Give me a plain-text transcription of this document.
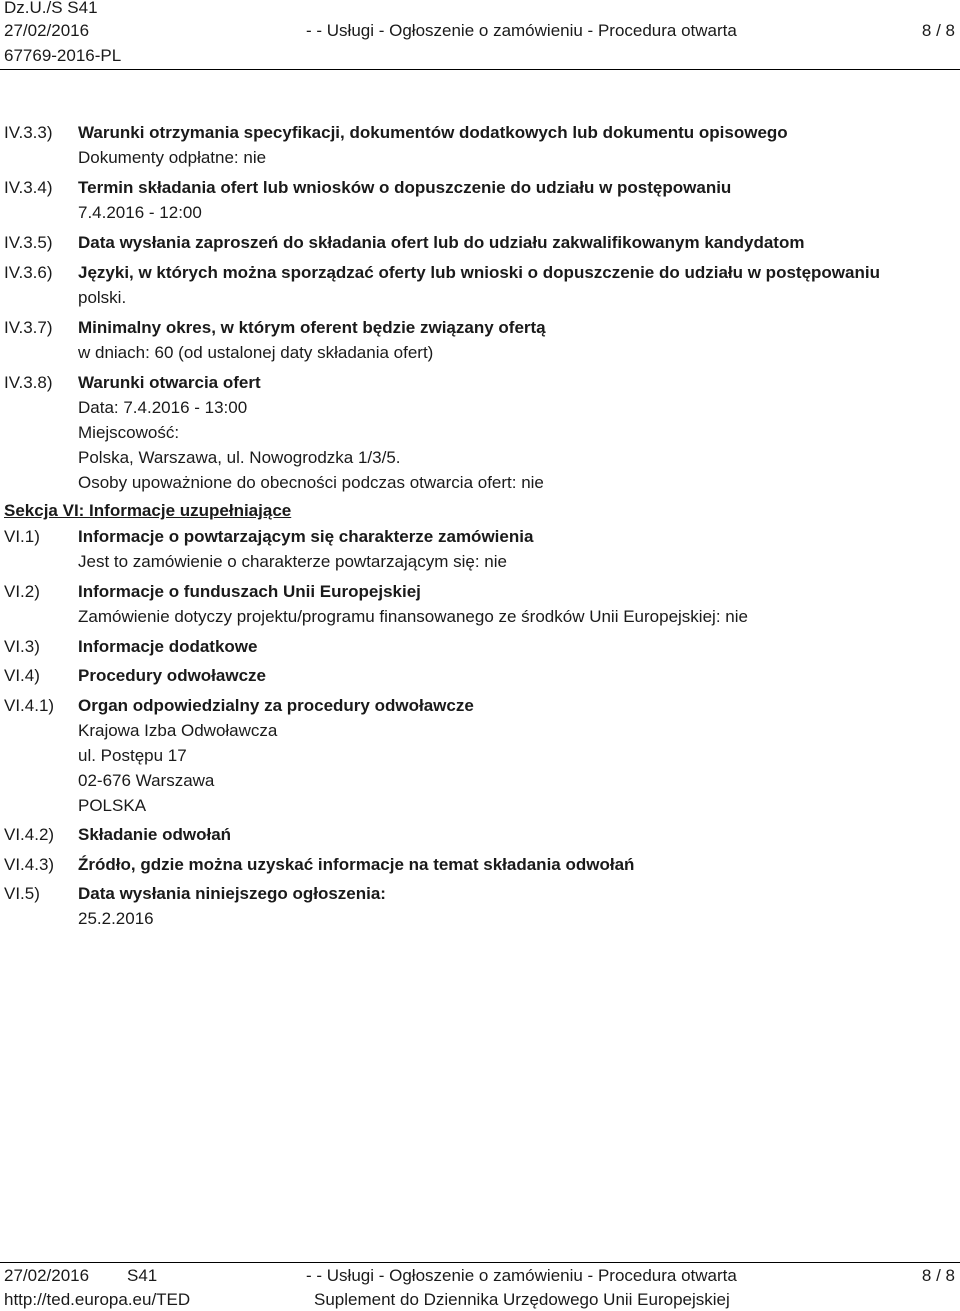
Dz.U./S S41
27/02/2016	- - Usługi - Ogłoszenie o zamówieniu - Procedura otwarta	8 / 8
67769-2016-PL
IV.3.3) Warunki otrzymania specyfikacji, dokumentów dodatkowych lub dokumentu opisowego
Dokumenty odpłatne: nie
IV.3.4) Termin składania ofert lub wniosków o dopuszczenie do udziału w postępowaniu
7.4.2016 - 12:00
IV.3.5) Data wysłania zaproszeń do składania ofert lub do udziału zakwalifikowanym kandydatom
IV.3.6) Języki, w których można sporządzać oferty lub wnioski o dopuszczenie do udziału w postępowaniu
polski.
IV.3.7) Minimalny okres, w którym oferent będzie związany ofertą
w dniach: 60 (od ustalonej daty składania ofert)
IV.3.8) Warunki otwarcia ofert
Data: 7.4.2016 - 13:00
Miejscowość:
Polska, Warszawa, ul. Nowogrodzka 1/3/5.
Osoby upoważnione do obecności podczas otwarcia ofert: nie
Sekcja VI: Informacje uzupełniające
VI.1) Informacje o powtarzającym się charakterze zamówienia
Jest to zamówienie o charakterze powtarzającym się: nie
VI.2) Informacje o funduszach Unii Europejskiej
Zamówienie dotyczy projektu/programu finansowanego ze środków Unii Europejskiej: nie
VI.3) Informacje dodatkowe
VI.4) Procedury odwoławcze
VI.4.1) Organ odpowiedzialny za procedury odwoławcze
Krajowa Izba Odwoławcza
ul. Postępu 17
02-676 Warszawa
POLSKA
VI.4.2) Składanie odwołań
VI.4.3) Źródło, gdzie można uzyskać informacje na temat składania odwołań
VI.5) Data wysłania niniejszego ogłoszenia:
25.2.2016
27/02/2016 S41	- - Usługi - Ogłoszenie o zamówieniu - Procedura otwarta	8 / 8
http://ted.europa.eu/TED	Suplement do Dziennika Urzędowego Unii Europejskiej
